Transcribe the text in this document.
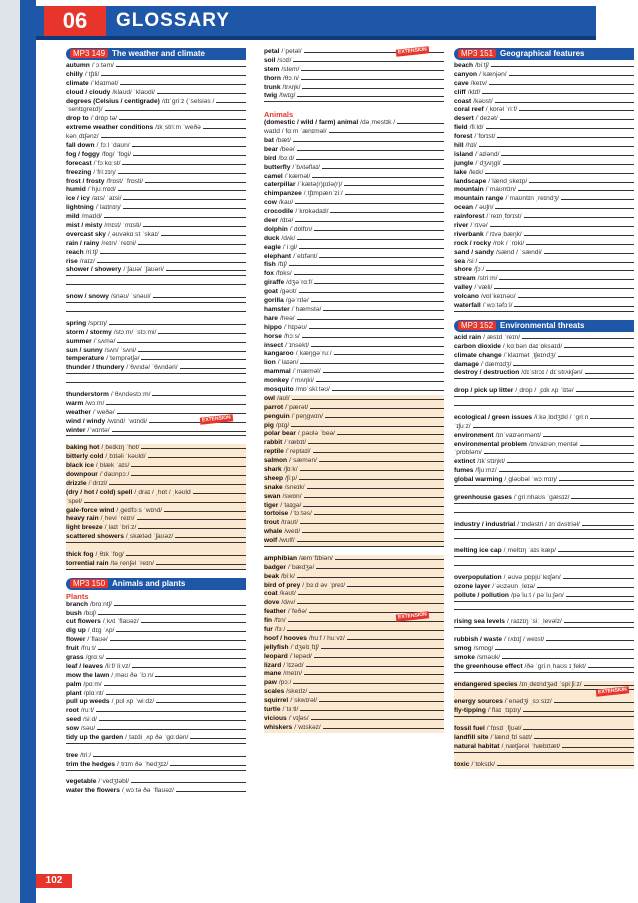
06	GLOSSARY
MP3 149 The weather and climate
autumn /ˈɔːtəm/
chilly /ˈtʃɪli/
climate /ˈklaɪmət/
cloud / cloudy /klaʊd/ ˈklaʊdi/
degrees (Celsius / centigrade) /dɪˈɡriːz (ˈselsiəs /
ˈsentɪɡreɪd)/
drop to /ˈdrɒp tə/
extreme weather conditions /ɪkˌstriːm ˈweðə
kənˌdɪʃənz/
fall down /ˌfɔːl ˈdaʊn/
fog / foggy /fɒɡ/ ˈfɒɡi/
forecast /ˈfɔːkɑːst/
freezing /ˈfriːzɪŋ/
frost / frosty /frɒst/ ˈfrɒsti/
humid /ˈhjuːmɪd/
ice / icy /aɪs/ ˈaɪsi/
lightning /ˈlaɪtnɪŋ/
mild /maɪld/
mist / misty /mɪst/ ˈmɪsti/
overcast sky /ˌəʊvəkɑːst ˈskaɪ/
rain / rainy /reɪn/ ˈreɪni/
reach /riːtʃ/
rise /raɪz/
shower / showery /ˈʃaʊə/ ˈʃaʊəri/
snow / snowy /snəʊ/ ˈsnəʊi/
spring /sprɪŋ/
storm / stormy /stɔːm/ ˈstɔːmi/
summer /ˈsʌmə/
sun / sunny /sʌn/ ˈsʌni/
temperature /ˈtemprətʃə/
thunder / thundery /ˈθʌndə/ ˈθʌndəri/
thunderstorm /ˈθʌndəstɔːm/
warm /wɔːm/
weather /ˈweðə/
wind / windy /wɪnd/ ˈwɪndi/
winter /ˈwɪntə/
baking hot /ˌbeɪkɪŋ ˈhɒt/
bitterly cold /ˌbɪtəli ˈkəʊld/
black ice /ˌblæk ˈaɪs/
downpour /ˈdaʊnpɔː/
drizzle /ˈdrɪzl/
(dry / hot / cold) spell /ˌdraɪ / ˌhɒt / ˌkəʊld
ˈspel/
gale-force wind /ˌɡeɪlfɔːs ˈwɪnd/
heavy rain /ˌhevi ˈreɪn/
light breeze /ˌlaɪt ˈbriːz/
scattered showers /ˌskætəd ˈʃaʊəz/
thick fog /ˌθɪk ˈfɒɡ/
torrential rain /təˌrenʃəl ˈreɪn/
MP3 150 Animals and plants
Plants
branch /brɑːntʃ/
bush /bʊʃ/
cut flowers /ˌkʌt ˈflaʊəz/
dig up /ˌdɪɡ ˈʌp/
flower /ˈflaʊə/
fruit /fruːt/
grass /ɡrɑːs/
leaf / leaves /liːf/ liːvz/
mow the lawn /ˌməʊ ðə ˈlɔːn/
palm /pɑːm/
plant /plɑːnt/
pull up weeds /ˌpʊl ʌp ˈwiːdz/
root /ruːt/
seed /siːd/
sow /səʊ/
tidy up the garden /ˌtaɪdi ˌʌp ðə ˈɡɑːdən/
tree /triː/
trim the hedges /ˌtrɪm ðə ˈhedʒɪz/
vegetable /ˈvedʒtəbl/
water the flowers /ˌwɔːtə ðə ˈflaʊəz/
petal /ˈpetəl/
soil /sɔɪl/
stem /stem/
thorn /θɔːn/
trunk /trʌŋk/
twig /twɪɡ/
Animals
(domestic / wild / farm) animal /dəˌmestɪk /
waɪld / fɑːm ˈænɪməl/
bat /bæt/
bear /beə/
bird /bɜːd/
butterfly /ˈbʌtəflaɪ/
camel /ˈkæməl/
caterpillar /ˈkætə(r)pɪlə(r)/
chimpanzee /ˌtʃɪmpænˈziː/
cow /kaʊ/
crocodile /ˈkrɒkədaɪl/
deer /dɪə/
dolphin /ˈdɒlfɪn/
duck /dʌk/
eagle /ˈiːɡl/
elephant /ˈelɪfənt/
fish /fɪʃ/
fox /fɒks/
giraffe /dʒəˈrɑːf/
goat /ɡəʊt/
gorilla /ɡəˈrɪlə/
hamster /ˈhæmstə/
hare /heə/
hippo /ˈhɪpəʊ/
horse /hɔːs/
insect /ˈɪnsekt/
kangaroo /ˌkæŋɡəˈruː/
lion /ˈlaɪən/
mammal /ˈmæməl/
monkey /ˈmʌŋki/
mosquito /mɒˈskiːtəʊ/
owl /aʊl/
parrot /ˈpærət/
penguin /ˈpeŋɡwɪn/
pig /pɪɡ/
polar bear /ˌpəʊlə ˈbeə/
rabbit /ˈræbɪt/
reptile /ˈreptaɪl/
salmon /ˈsæmən/
shark /ʃɑːk/
sheep /ʃiːp/
snake /sneɪk/
swan /swɒn/
tiger /ˈtaɪɡə/
tortoise /ˈtɔːtəs/
trout /traʊt/
whale /weɪl/
wolf /wʊlf/
amphibian /æmˈfɪbiən/
badger /ˈbædʒə/
beak /biːk/
bird of prey /ˌbɜːd əv ˈpreɪ/
coat /kəʊt/
dove /dʌv/
feather /ˈfeðə/
fin /fɪn/
fur /fɜː/
hoof / hooves /huːf / huːvz/
jellyfish /ˈdʒelɪˌfɪʃ/
leopard /ˈlepəd/
lizard /ˈlɪzəd/
mane /meɪn/
paw /pɔː/
scales /skeɪlz/
squirrel /ˈskwɪrəl/
turtle /ˈtɜːtl/
vicious /ˈvɪʃəs/
whiskers /ˈwɪskəz/
MP3 151 Geographical features
beach /biːtʃ/
canyon /ˈkænjən/
cave /keɪv/
cliff /klɪf/
coast /kəʊst/
coral reef /ˌkɒrəl ˈriːf/
desert /ˈdezət/
field /fiːld/
forest /ˈfɒrɪst/
hill /hɪl/
island /ˈaɪlənd/
jungle /ˈdʒʌŋɡl/
lake /leɪk/
landscape /ˈlændˌskeɪp/
mountain /ˈmaʊntɪn/
mountain range /ˈmaʊntɪn ˌreɪndʒ/
ocean /ˈəʊʃn/
rainforest /ˈreɪnˌfɒrɪst/
river /ˈrɪvə/
riverbank /ˈrɪvəˌbæŋk/
rock / rocky /rɒk / ˈrɒki/
sand / sandy /sænd / ˈsændi/
sea /siː/
shore /ʃɔː/
stream /striːm/
valley /ˈvæli/
volcano /vɒlˈkeɪnəʊ/
waterfall /ˈwɔːtəfɔːl/
MP3 152 Environmental threats
acid rain /ˌæsɪd ˈreɪn/
carbon dioxide /ˌkɑːbən daɪˈɒksaɪd/
climate change /ˈklaɪmət ˌtʃeɪndʒ/
damage /ˈdæmɪdʒ/
destroy / destruction /dɪˈstrɔɪ / dɪˈstrʌkʃən/
drop / pick up litter /ˌdrɒp / ˌpɪk ʌp ˈlɪtə/
ecological / green issues /iːkəˌlɒdʒɪkl / ˈɡriːn
ˈɪʃuːz/
environment /ɪnˈvaɪrənmənt/
environmental problem /ɪnvaɪrənˌmentəl
ˈprɒbləm/
extinct /ɪkˈstɪŋkt/
fumes /fjuːmz/
global warming /ˌɡləʊbəl ˈwɔːmɪŋ/
greenhouse gases /ˈɡriːnhaʊs ˈɡæsɪz/
industry / industrial /ˈɪndəstri / ɪnˈdʌstriəl/
melting ice cap /ˌmeltɪŋ ˈaɪs kæp/
overpopulation /ˌəʊvəˌpɒpjʊˈleɪʃən/
ozone layer /ˈəʊzəʊn ˌleɪə/
pollute / pollution /pəˈluːt / pəˈluːʃən/
rising sea levels /ˌraɪzɪŋ ˈsiː ˌlevəlz/
rubbish / waste /ˈrʌbɪʃ / weɪst/
smog /smɒɡ/
smoke /sməʊk/
the greenhouse effect /ðə ˈɡriːnˌhaʊs ɪˌfekt/
endangered species /ɪnˌdeɪndʒəd ˈspiːʃiːz/
energy sources /ˈenədʒi ˌsɔːsɪz/
fly-tipping /ˈflaɪ ˌtɪpɪŋ/
fossil fuel /ˈfɒsɪl ˌfjʊəl/
landfill site /ˈlændˌfɪl saɪt/
natural habitat /ˌnætʃərəl ˈhæbɪtæt/
toxic /ˈtɒksɪk/
EXTENSION
EXTENSION
EXTENSION
EXTENSION
102
